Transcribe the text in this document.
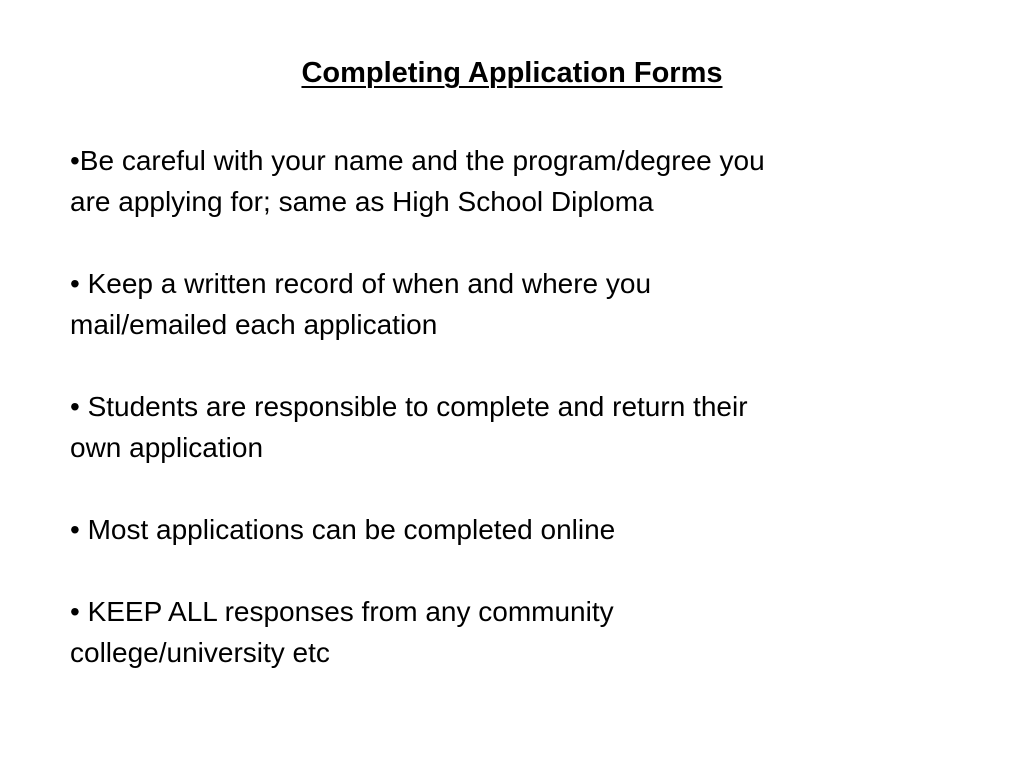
Completing Application Forms
•Be careful with your name and the program/degree you
are applying for; same as High School Diploma
• Keep a written record of when and where you
mail/emailed each application
• Students are responsible to complete and return their
own application
• Most applications can be completed online
• KEEP ALL responses from any community
college/university etc
